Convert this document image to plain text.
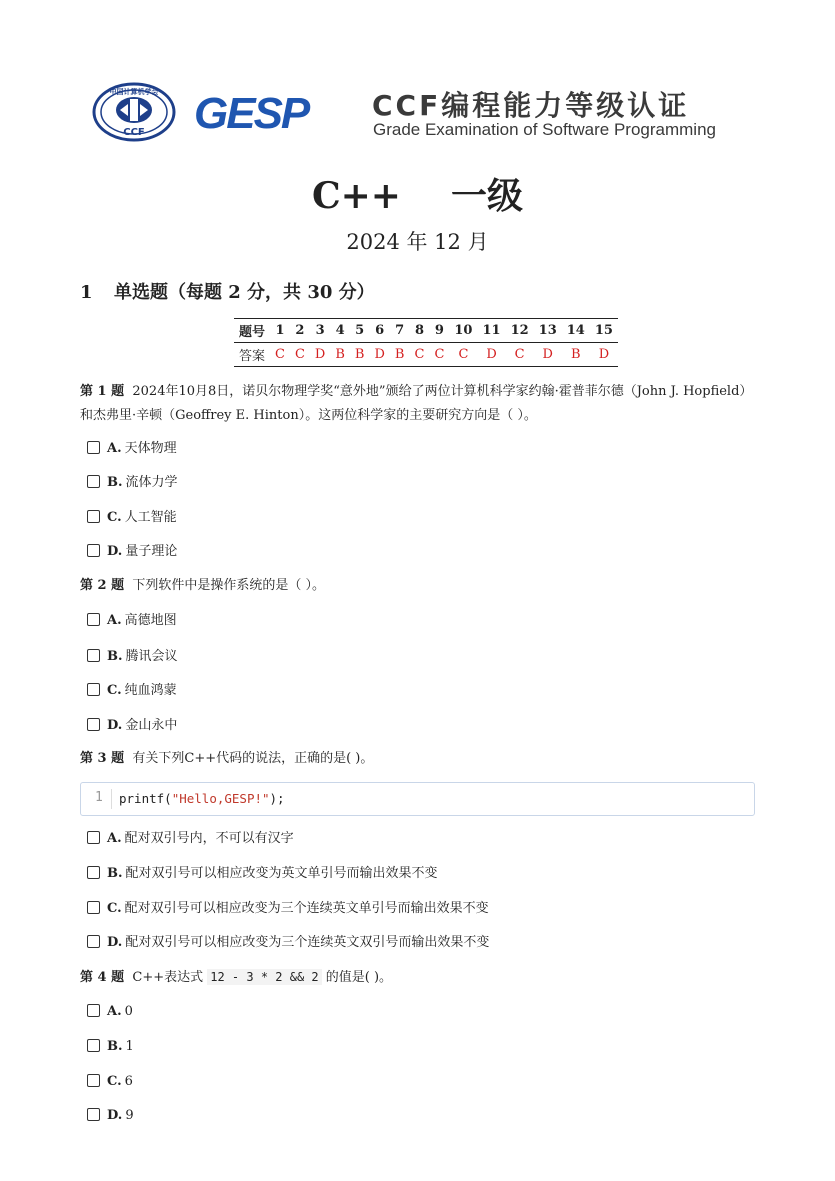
中国计算机学会
CCF GESP CCF编程能力等级认证
Grade Examination of Software Programming
C++    一级
2024 年 12 月
1 单选题（每题 2 分，共 30 分）
题号	1	2	3	4	5	6	7	8	9	10	11	12	13	14	15
答案	C	C	D	B	B	D	B	C	C	C	D	C	D	B	D
第 1 题 2024年10月8日，诺贝尔物理学奖“意外地”颁给了两位计算机科学家约翰·霍普菲尔德（John J. Hopfield）和杰弗里·辛顿（Geoffrey E. Hinton）。这两位科学家的主要研究方向是（ ）。
A. 天体物理
B. 流体力学
C. 人工智能
D. 量子理论
第 2 题 下列软件中是操作系统的是（ ）。
A. 高德地图
B. 腾讯会议
C. 纯血鸿蒙
D. 金山永中
第 3 题 有关下列C++代码的说法，正确的是( )。
1 printf("Hello,GESP!");
A. 配对双引号内，不可以有汉字
B. 配对双引号可以相应改变为英文单引号而输出效果不变
C. 配对双引号可以相应改变为三个连续英文单引号而输出效果不变
D. 配对双引号可以相应改变为三个连续英文双引号而输出效果不变
第 4 题 C++表达式 12 - 3 * 2 && 2 的值是( )。
A. 0
B. 1
C. 6
D. 9
